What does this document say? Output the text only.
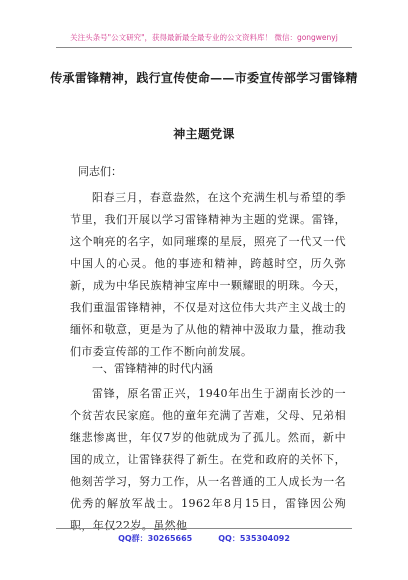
关注头条号"公文研究"，获得最新最全最专业的公文资料库！ 微信：gongwenyj
传承雷锋精神，践行宣传使命——市委宣传部学习雷锋精
神主题党课
同志们：

阳春三月，春意盎然，在这个充满生机与希望的季节里，我们开展以学习雷锋精神为主题的党课。雷锋，这个响亮的名字，如同璀璨的星辰，照亮了一代又一代中国人的心灵。他的事迹和精神，跨越时空，历久弥新，成为中华民族精神宝库中一颗耀眼的明珠。今天，我们重温雷锋精神，不仅是对这位伟大共产主义战士的缅怀和敬意，更是为了从他的精神中汲取力量，推动我们市委宣传部的工作不断向前发展。

一、雷锋精神的时代内涵

雷锋，原名雷正兴，1940年出生于湖南长沙的一个贫苦农民家庭。他的童年充满了苦难，父母、兄弟相继悲惨离世，年仅7岁的他就成为了孤儿。然而，新中国的成立，让雷锋获得了新生。在党和政府的关怀下，他刻苦学习，努力工作，从一名普通的工人成长为一名优秀的解放军战士。1962年8月15日，雷锋因公殉职，年仅22岁。虽然他

QQ群：30265665	QQ：535304092
